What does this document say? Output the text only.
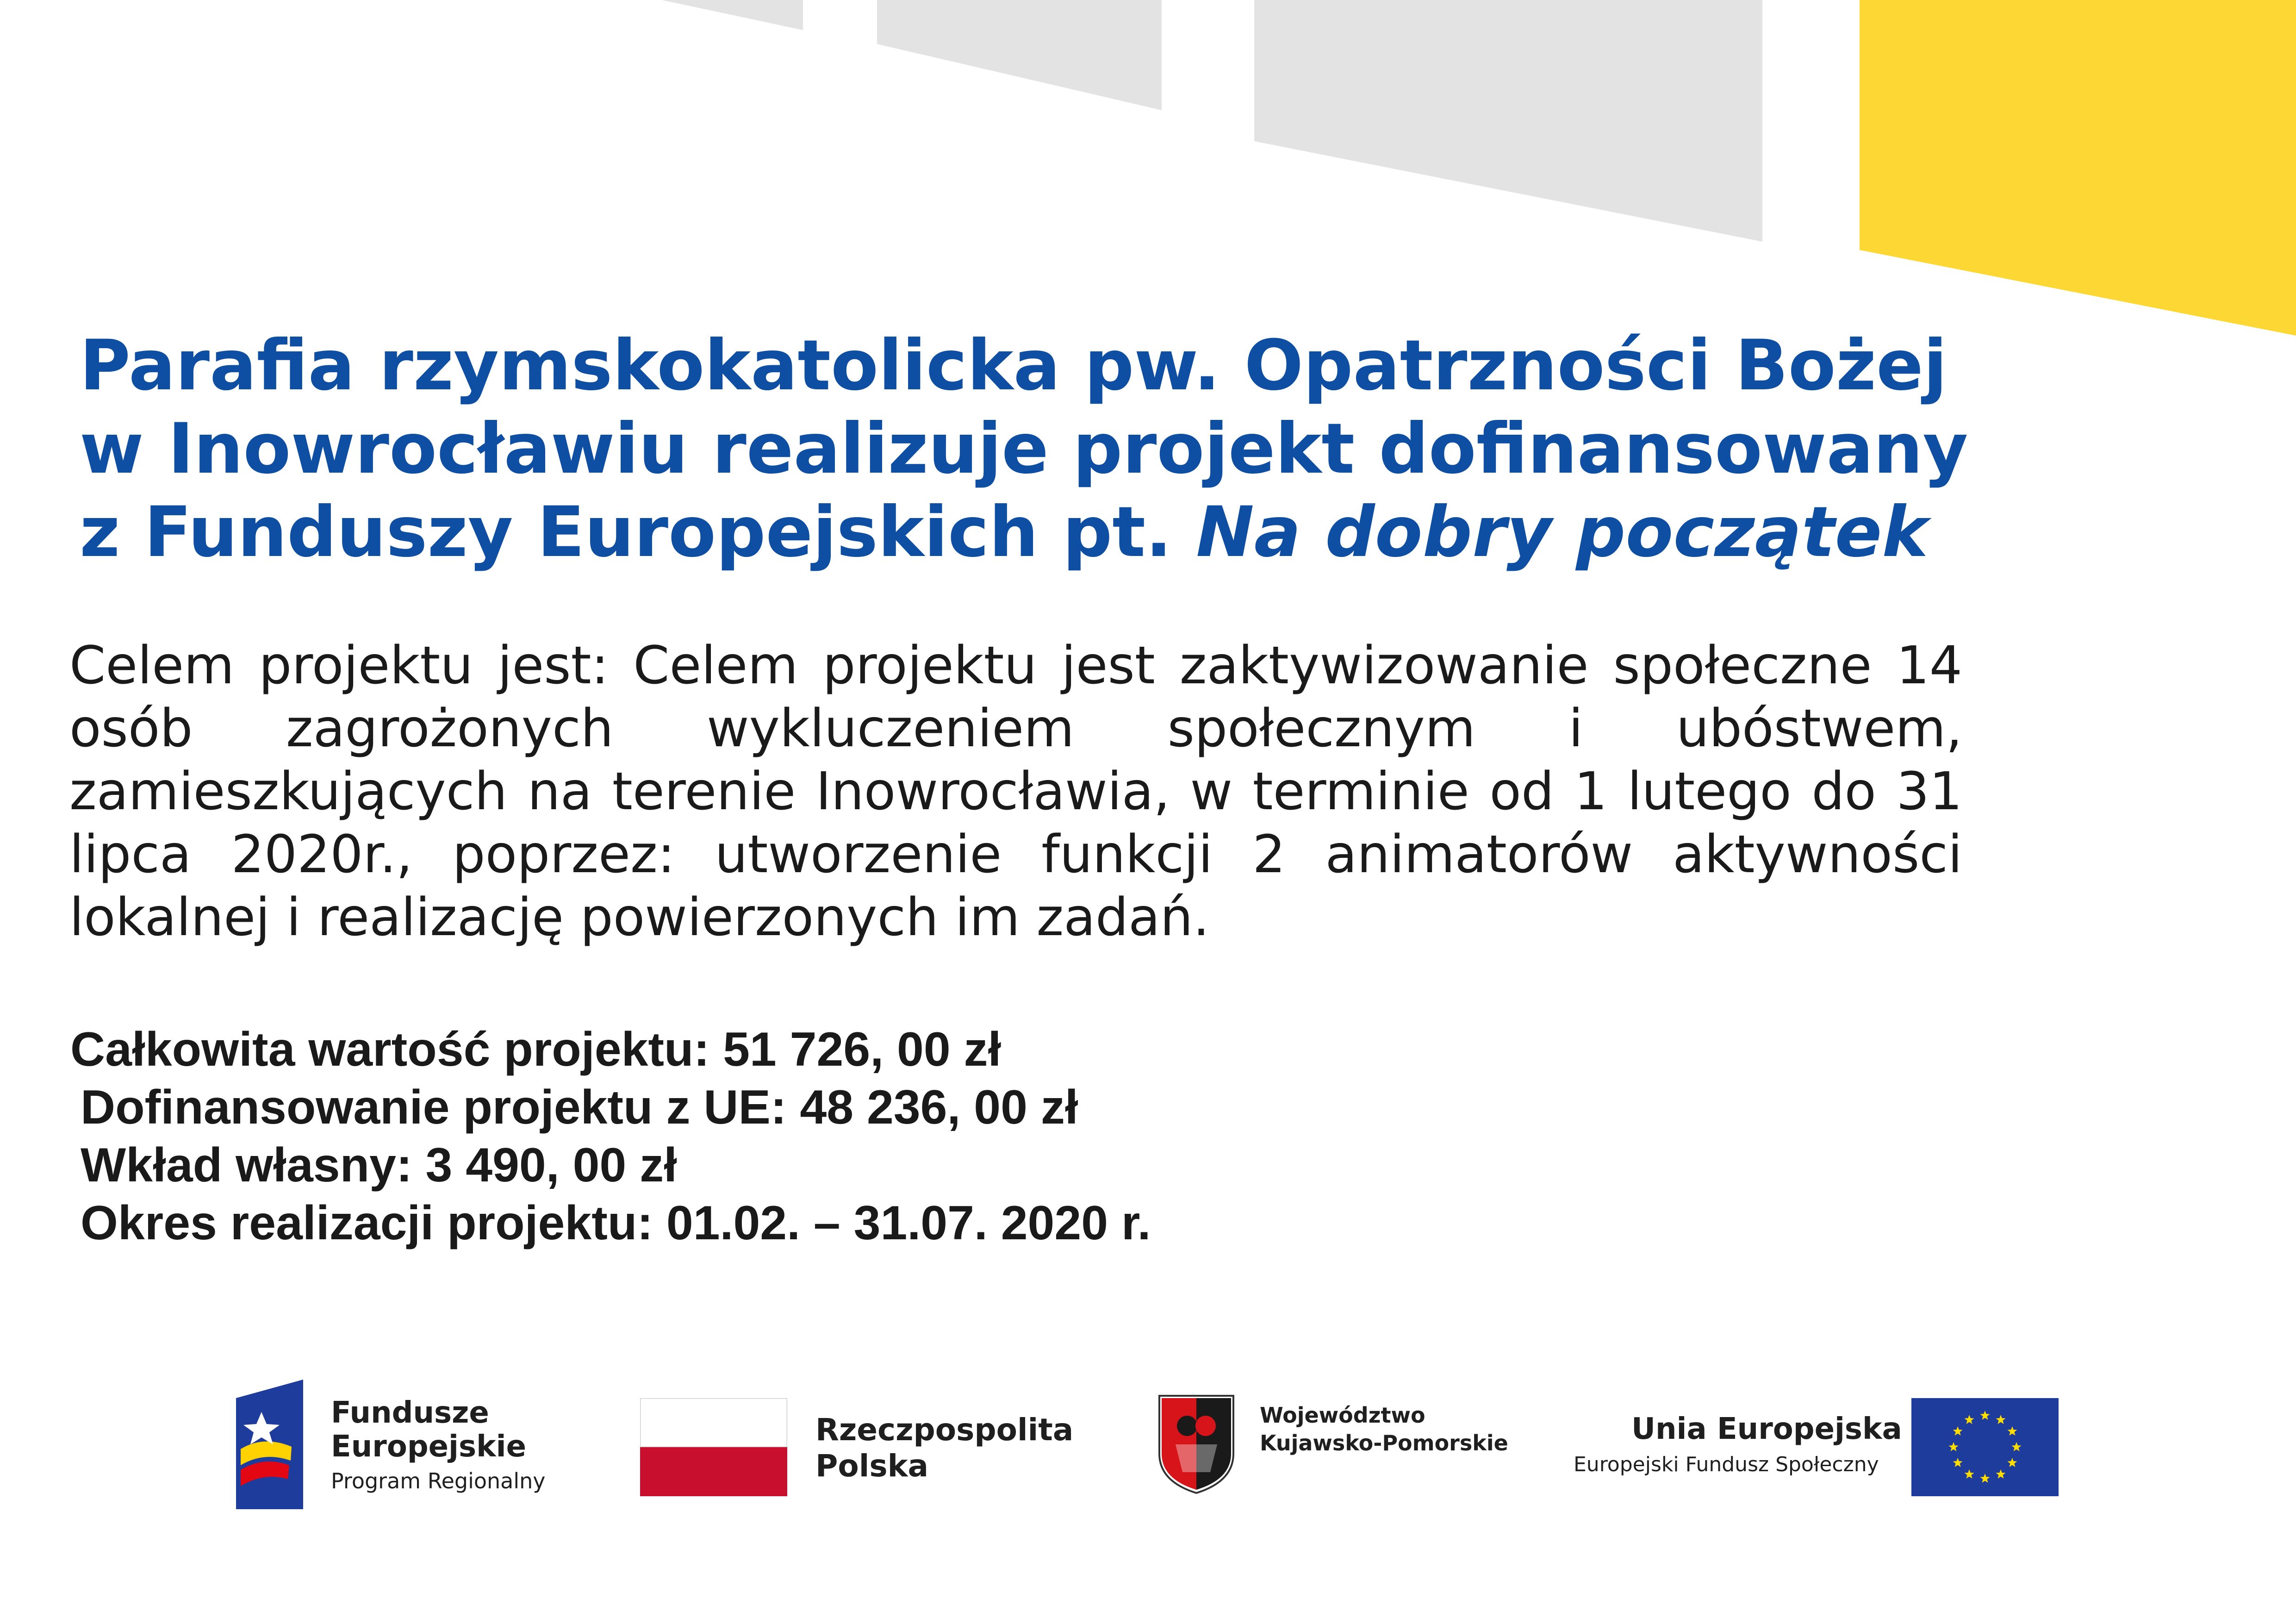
Parafia rzymskokatolicka pw. Opatrzności Bożej
w Inowrocławiu realizuje projekt dofinansowany
z Funduszy Europejskich pt. Na dobry początek
Celem projektu jest: Celem projektu jest zaktywizowanie społeczne 14 osób zagrożonych wykluczeniem społecznym i ubóstwem, zamieszkujących na terenie Inowrocławia, w terminie od 1 lutego do 31 lipca 2020r., poprzez: utworzenie funkcji 2 animatorów aktywności lokalnej i realizację powierzonych im zadań.
Całkowita wartość projektu: 51 726, 00 zł
Dofinansowanie projektu z UE: 48 236, 00 zł
Wkład własny: 3 490, 00 zł
Okres realizacji projektu: 01.02. – 31.07. 2020 r.
Fundusze
Europejskie
Program Regionalny
Rzeczpospolita
Polska
Województwo
Kujawsko-Pomorskie	Unia Europejska
Europejski Fundusz Społeczny
